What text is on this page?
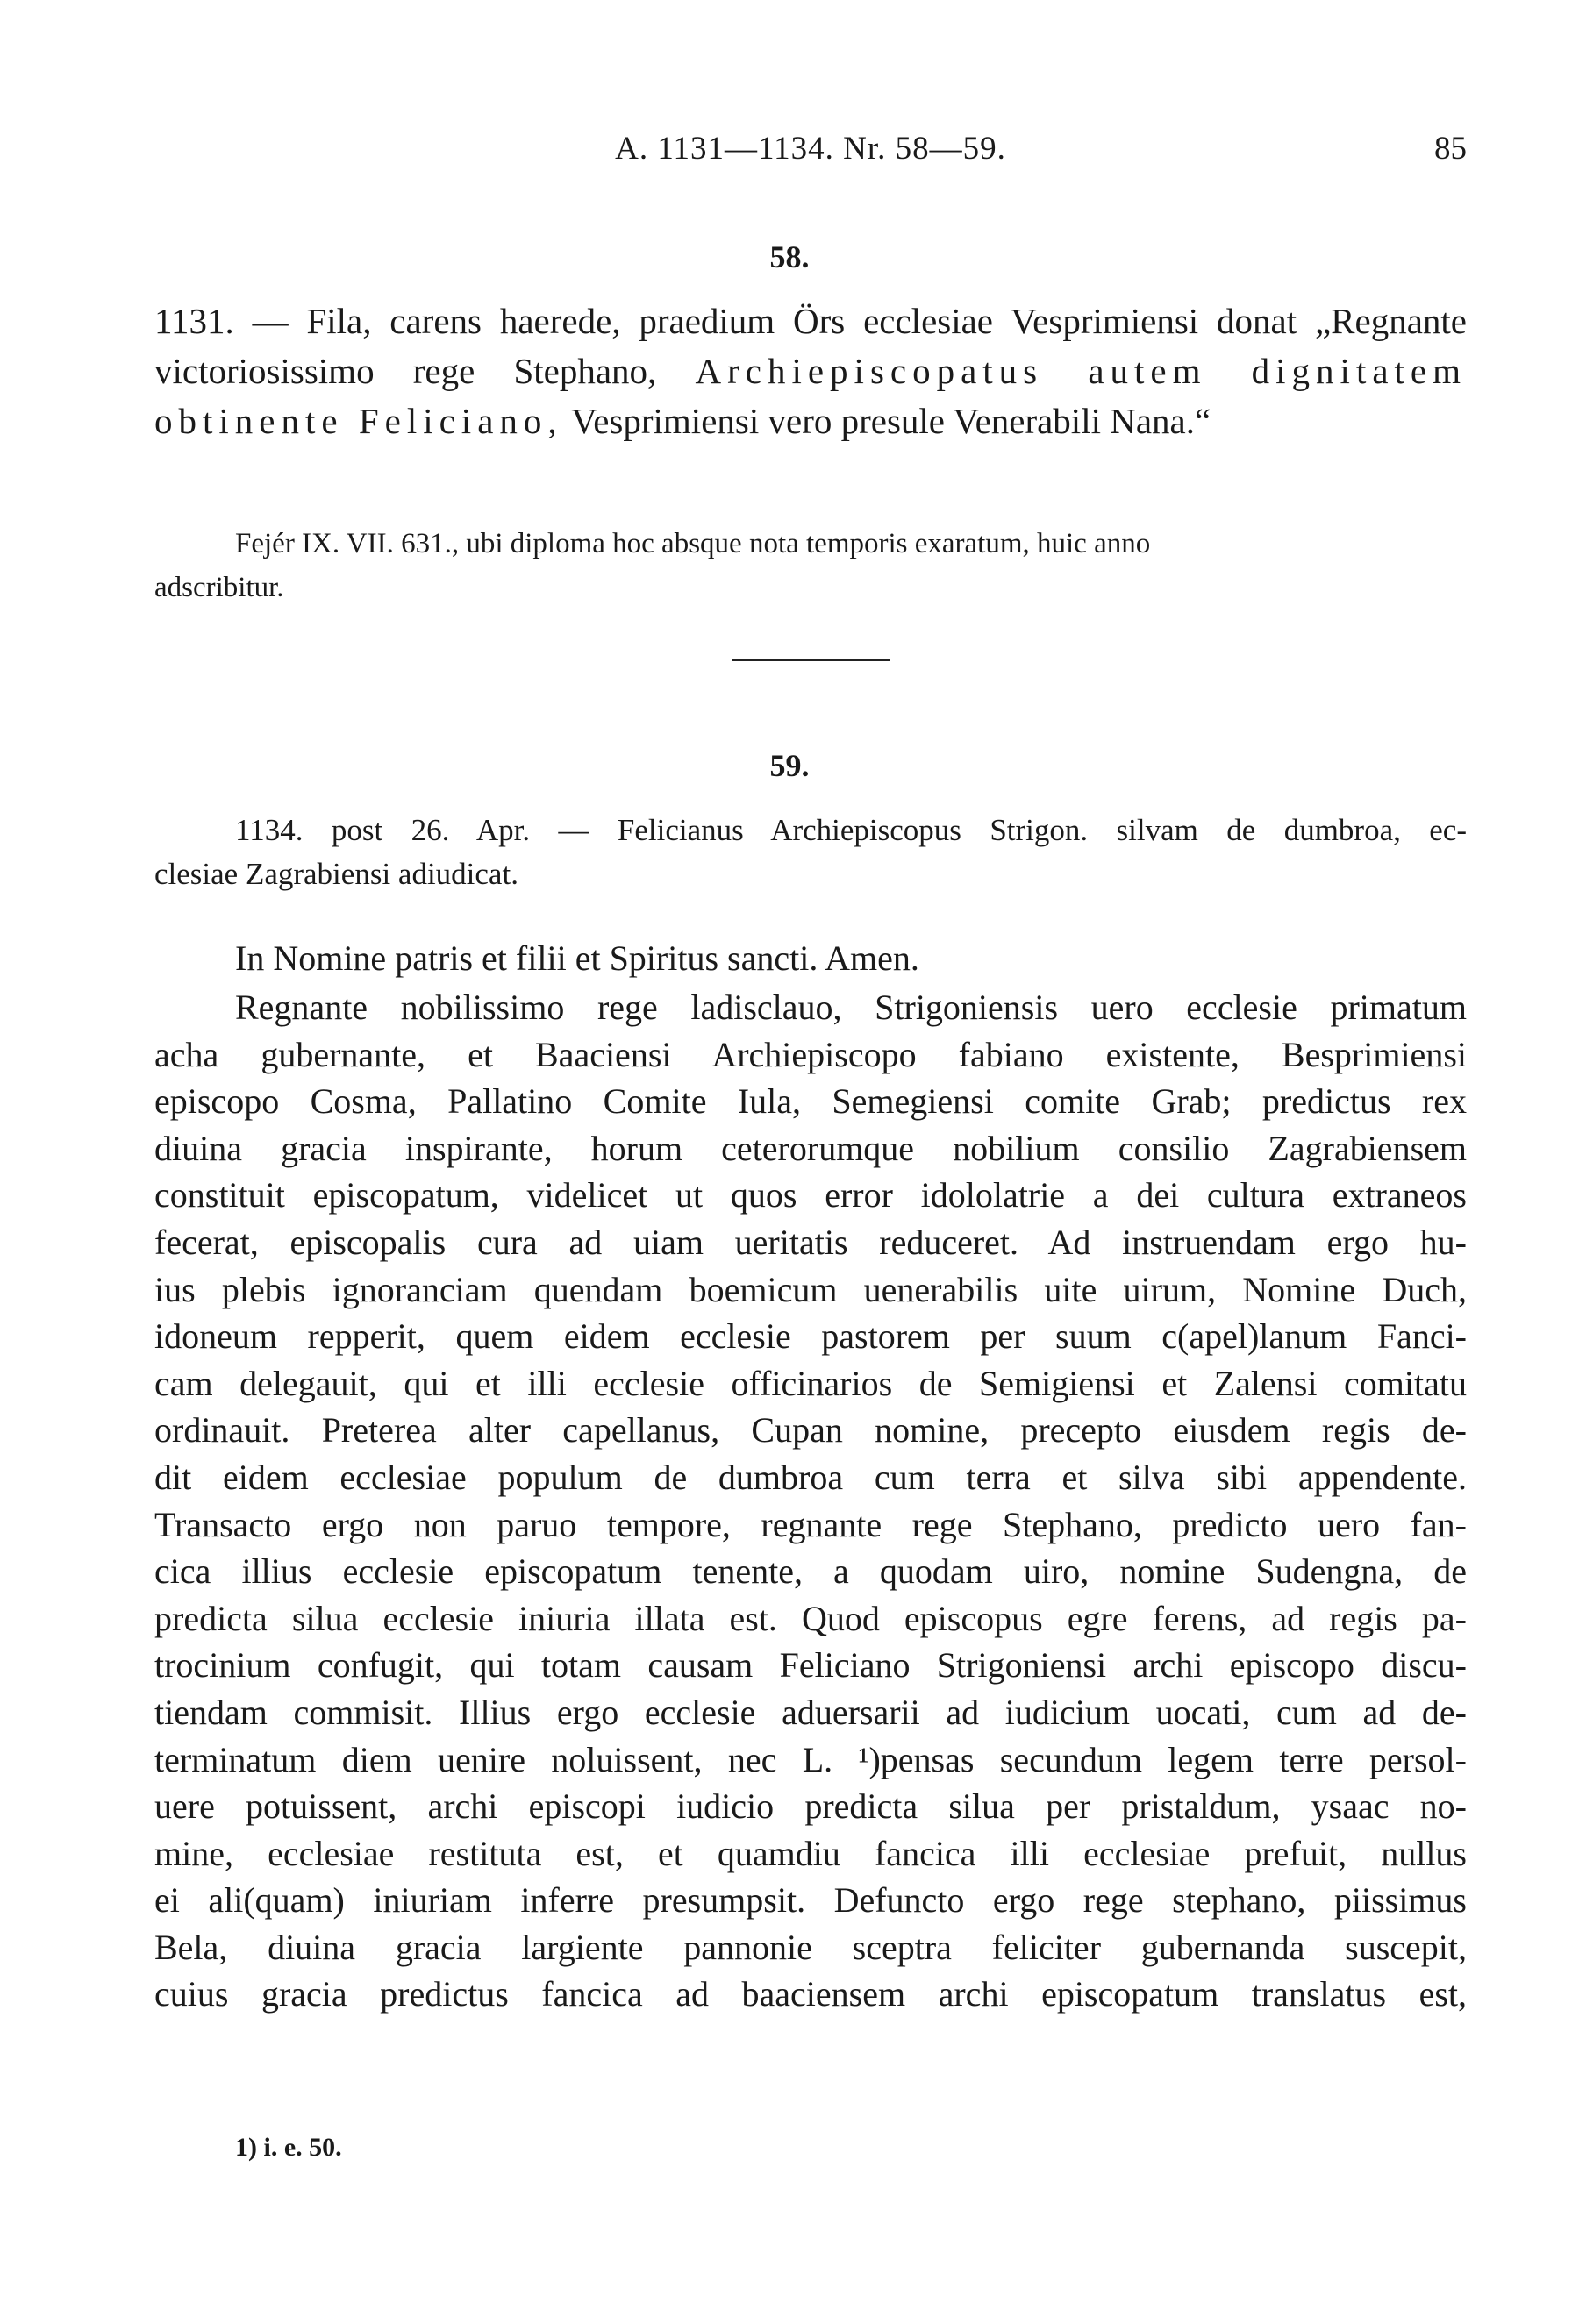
A. 1131—1134. Nr. 58—59.	85
58.
1131. — Fila, carens haerede, praedium Örs ecclesiae Vesprimiensi donat „Regnante victoriosissimo rege Stephano, Archiepiscopatus autem dignitatem obtinente Feliciano, Vesprimiensi vero presule Venerabili Nana.“
Fejér IX. VII. 631., ubi diploma hoc absque nota temporis exaratum, huic anno
adscribitur.
59.
1134. post 26. Apr. — Felicianus Archiepiscopus Strigon. silvam de dumbroa, ec-
clesiae Zagrabiensi adiudicat.
In Nomine patris et filii et Spiritus sancti. Amen.
Regnante nobilissimo rege ladisclauo, Strigoniensis uero ecclesie primatum
acha gubernante, et Baaciensi Archiepiscopo fabiano existente, Besprimiensi
episcopo Cosma, Pallatino Comite Iula, Semegiensi comite Grab; predictus rex
diuina gracia inspirante, horum ceterorumque nobilium consilio Zagrabiensem
constituit episcopatum, videlicet ut quos error idololatrie a dei cultura extraneos
fecerat, episcopalis cura ad uiam ueritatis reduceret. Ad instruendam ergo hu-
ius plebis ignoranciam quendam boemicum uenerabilis uite uirum, Nomine Duch,
idoneum repperit, quem eidem ecclesie pastorem per suum c(apel)lanum Fanci-
cam delegauit, qui et illi ecclesie officinarios de Semigiensi et Zalensi comitatu
ordinauit. Preterea alter capellanus, Cupan nomine, precepto eiusdem regis de-
dit eidem ecclesiae populum de dumbroa cum terra et silva sibi appendente.
Transacto ergo non paruo tempore, regnante rege Stephano, predicto uero fan-
cica illius ecclesie episcopatum tenente, a quodam uiro, nomine Sudengna, de
predicta silua ecclesie iniuria illata est. Quod episcopus egre ferens, ad regis pa-
trocinium confugit, qui totam causam Feliciano Strigoniensi archi episcopo discu-
tiendam commisit. Illius ergo ecclesie aduersarii ad iudicium uocati, cum ad de-
terminatum diem uenire noluissent, nec L. ¹)pensas secundum legem terre persol-
uere potuissent, archi episcopi iudicio predicta silua per pristaldum, ysaac no-
mine, ecclesiae restituta est, et quamdiu fancica illi ecclesiae prefuit, nullus
ei ali(quam) iniuriam inferre presumpsit. Defuncto ergo rege stephano, piissimus
Bela, diuina gracia largiente pannonie sceptra feliciter gubernanda suscepit,
cuius gracia predictus fancica ad baaciensem archi episcopatum translatus est,
1) i. e. 50.
